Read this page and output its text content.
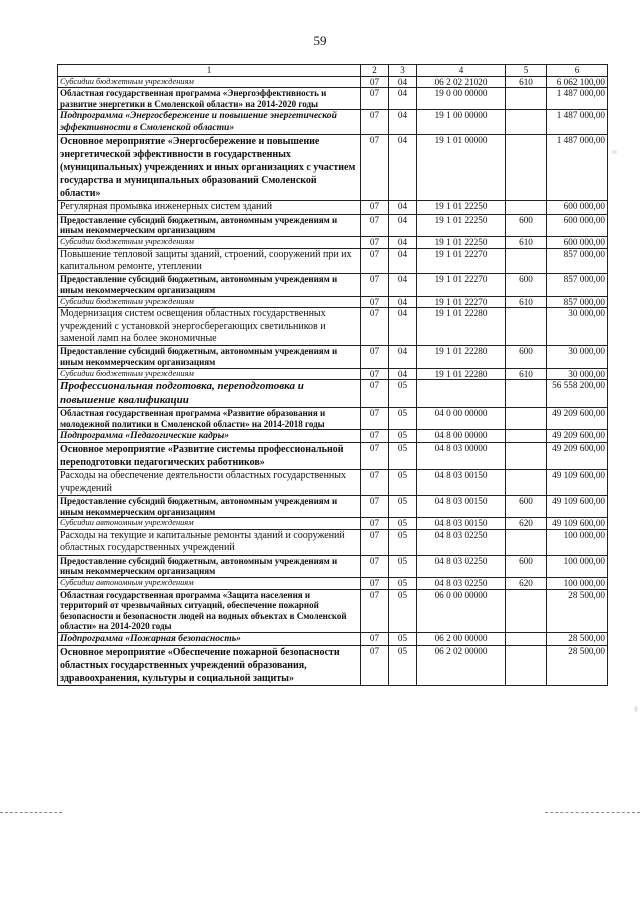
59
1	2	3	4	5	6
Субсидии бюджетным учреждениям	07	04	06 2 02 21020	610	6 062 100,00
Областная государственная программа «Энергоэффективность и развитие энергетики в Смоленской области» на 2014-2020 годы	07	04	19 0 00 00000		1 487 000,00
Подпрограмма «Энергосбережение и повышение энергетической эффективности в Смоленской области»	07	04	19 1 00 00000		1 487 000,00
Основное мероприятие «Энергосбережение и повышение энергетической эффективности в государственных (муниципальных) учреждениях и иных организациях с участием государства и муниципальных образований Смоленской области»	07	04	19 1 01 00000		1 487 000,00
Регулярная промывка инженерных систем зданий	07	04	19 1 01 22250		600 000,00
Предоставление субсидий бюджетным, автономным учреждениям и иным некоммерческим организациям	07	04	19 1 01 22250	600	600 000,00
Субсидии бюджетным учреждениям	07	04	19 1 01 22250	610	600 000,00
Повышение тепловой защиты зданий, строений, сооружений при их капитальном ремонте, утеплении	07	04	19 1 01 22270		857 000,00
Предоставление субсидий бюджетным, автономным учреждениям и иным некоммерческим организациям	07	04	19 1 01 22270	600	857 000,00
Субсидии бюджетным учреждениям	07	04	19 1 01 22270	610	857 000,00
Модернизация систем освещения областных государственных учреждений с установкой энергосберегающих светильников и заменой ламп на более экономичные	07	04	19 1 01 22280		30 000,00
Предоставление субсидий бюджетным, автономным учреждениям и иным некоммерческим организациям	07	04	19 1 01 22280	600	30 000,00
Субсидии бюджетным учреждениям	07	04	19 1 01 22280	610	30 000,00
Профессиональная подготовка, переподготовка и повышение квалификации	07	05			56 558 200,00
Областная государственная программа «Развитие образования и молодежной политики в Смоленской области» на 2014-2018 годы	07	05	04 0 00 00000		49 209 600,00
Подпрограмма «Педагогические кадры»	07	05	04 8 00 00000		49 209 600,00
Основное мероприятие «Развитие системы профессиональной переподготовки педагогических работников»	07	05	04 8 03 00000		49 209 600,00
Расходы на обеспечение деятельности областных государственных учреждений	07	05	04 8 03 00150		49 109 600,00
Предоставление субсидий бюджетным, автономным учреждениям и иным некоммерческим организациям	07	05	04 8 03 00150	600	49 109 600,00
Субсидии автономным учреждениям	07	05	04 8 03 00150	620	49 109 600,00
Расходы на текущие и капитальные ремонты зданий и сооружений областных государственных учреждений	07	05	04 8 03 02250		100 000,00
Предоставление субсидий бюджетным, автономным учреждениям и иным некоммерческим организациям	07	05	04 8 03 02250	600	100 000,00
Субсидии автономным учреждениям	07	05	04 8 03 02250	620	100 000,00
Областная государственная программа «Защита населения и территорий от чрезвычайных ситуаций, обеспечение пожарной безопасности и безопасности людей на водных объектах в Смоленской области» на 2014-2020 годы	07	05	06 0 00 00000		28 500,00
Подпрограмма «Пожарная безопасность»	07	05	06 2 00 00000		28 500,00
Основное мероприятие «Обеспечение пожарной безопасности областных государственных учреждений образования, здравоохранения, культуры и социальной защиты»	07	05	06 2 02 00000		28 500,00
